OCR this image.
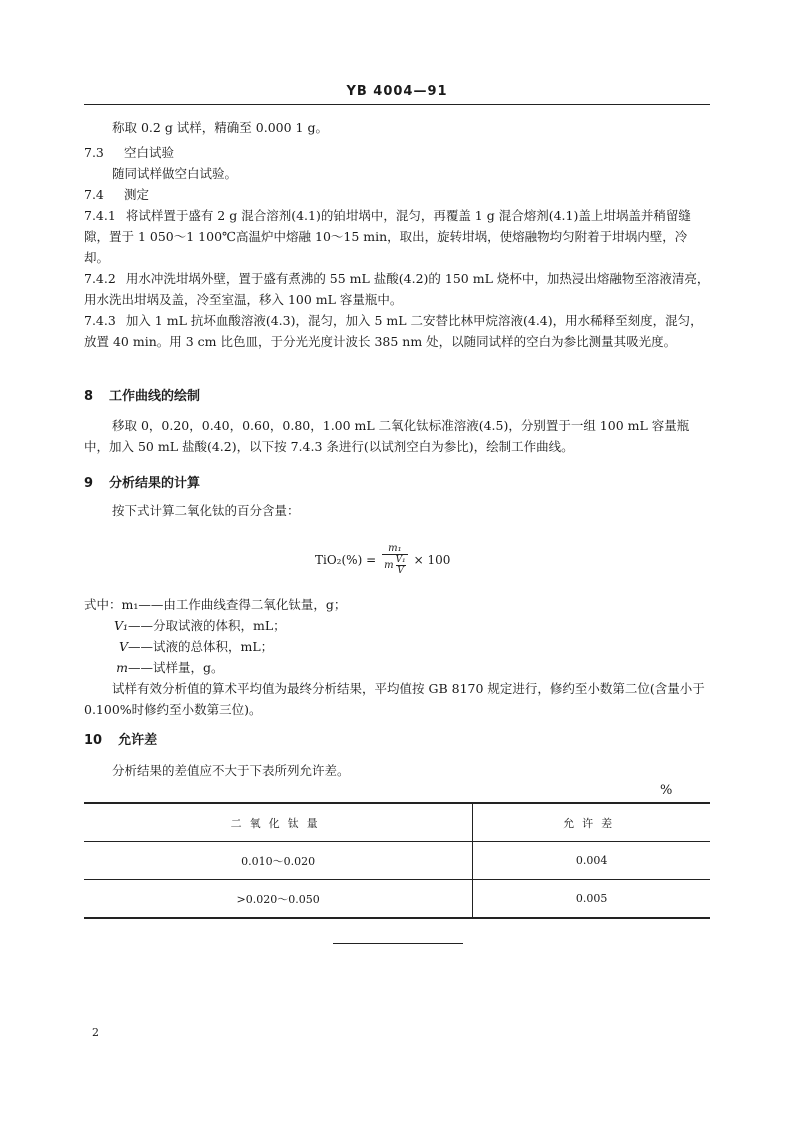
YB 4004—91

称取 0.2 g 试样，精确至 0.000 1 g。

7.3 空白试验

随同试样做空白试验。

7.4 测定

7.4.1 将试样置于盛有 2 g 混合溶剂(4.1)的铂坩埚中，混匀，再覆盖 1 g 混合熔剂(4.1)盖上坩埚盖并稍留缝隙，置于 1 050～1 100℃高温炉中熔融 10～15 min，取出，旋转坩埚，使熔融物均匀附着于坩埚内壁，冷却。

7.4.2 用水冲洗坩埚外壁，置于盛有煮沸的 55 mL 盐酸(4.2)的 150 mL 烧杯中，加热浸出熔融物至溶液清亮，用水洗出坩埚及盖，冷至室温，移入 100 mL 容量瓶中。

7.4.3 加入 1 mL 抗坏血酸溶液(4.3)，混匀，加入 5 mL 二安替比林甲烷溶液(4.4)，用水稀释至刻度，混匀，放置 40 min。用 3 cm 比色皿，于分光光度计波长 385 nm 处，以随同试样的空白为参比测量其吸光度。

8 工作曲线的绘制

移取 0，0.20，0.40，0.60，0.80，1.00 mL 二氧化钛标准溶液(4.5)，分别置于一组 100 mL 容量瓶中，加入 50 mL 盐酸(4.2)，以下按 7.4.3 条进行(以试剂空白为参比)，绘制工作曲线。

9 分析结果的计算

按下式计算二氧化钛的百分含量：

TiO₂(%) = m₁
m V₁
V × 100
式中：m₁——由工作曲线查得二氧化钛量，g；
V₁——分取试液的体积，mL；
V——试液的总体积，mL；
m——试样量，g。

试样有效分析值的算术平均值为最终分析结果，平均值按 GB 8170 规定进行，修约至小数第二位(含量小于 0.100%时修约至小数第三位)。

10 允许差

分析结果的差值应不大于下表所列允许差。

%
二氧化钛量	允许差
0.010～0.020	0.004
>0.020～0.050	0.005
2
